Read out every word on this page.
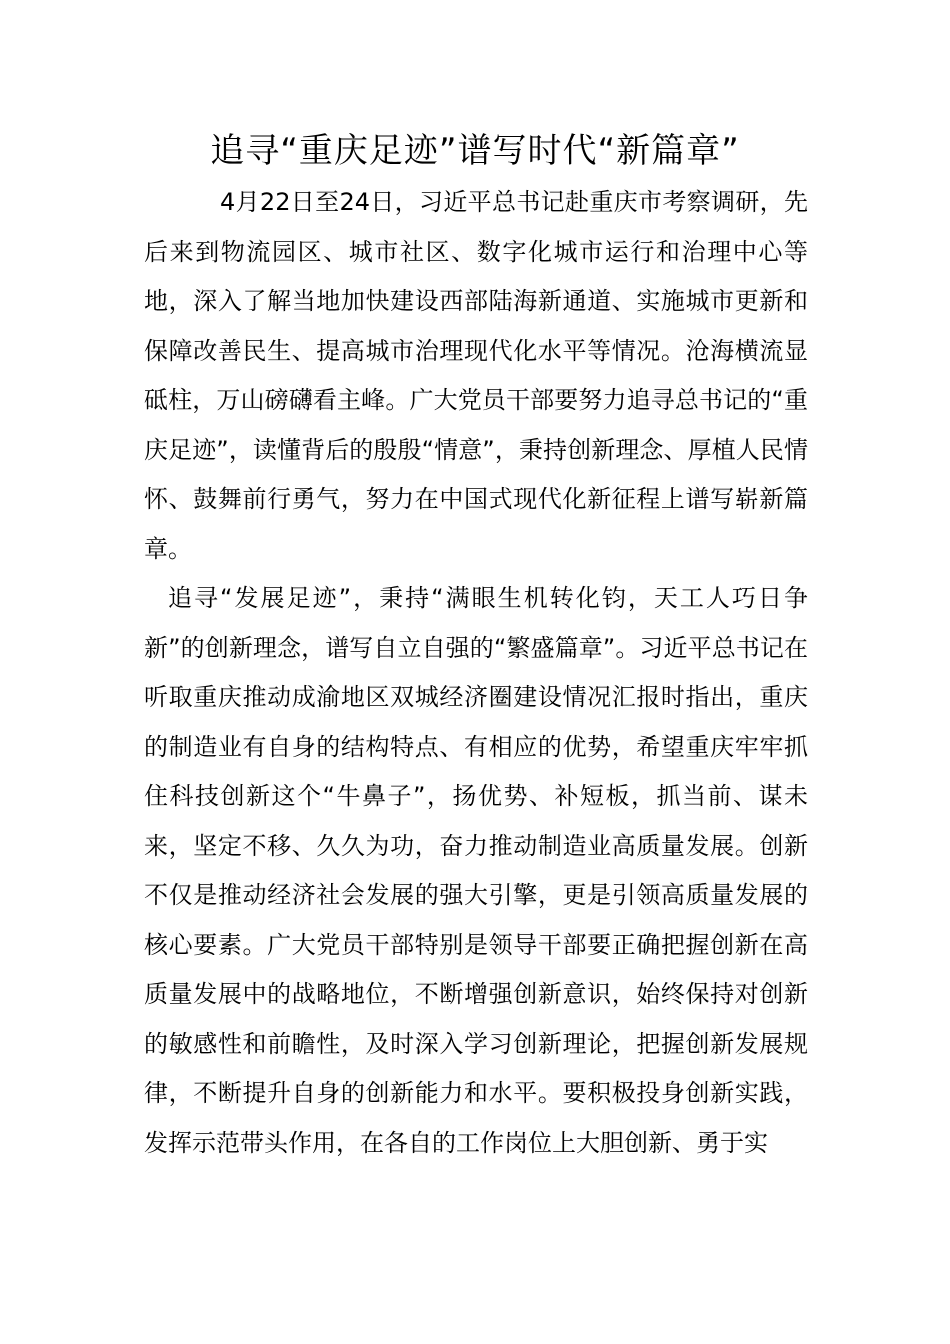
追寻“重庆足迹”谱写时代“新篇章”

4月22日至24日，习近平总书记赴重庆市考察调研，先后来到物流园区、城市社区、数字化城市运行和治理中心等地，深入了解当地加快建设西部陆海新通道、实施城市更新和保障改善民生、提高城市治理现代化水平等情况。沧海横流显砥柱，万山磅礴看主峰。广大党员干部要努力追寻总书记的“重庆足迹”，读懂背后的殷殷“情意”，秉持创新理念、厚植人民情怀、鼓舞前行勇气，努力在中国式现代化新征程上谱写崭新篇章。

追寻“发展足迹”，秉持“满眼生机转化钧，天工人巧日争新”的创新理念，谱写自立自强的“繁盛篇章”。习近平总书记在听取重庆推动成渝地区双城经济圈建设情况汇报时指出，重庆的制造业有自身的结构特点、有相应的优势，希望重庆牢牢抓住科技创新这个“牛鼻子”，扬优势、补短板，抓当前、谋未来，坚定不移、久久为功，奋力推动制造业高质量发展。创新不仅是推动经济社会发展的强大引擎，更是引领高质量发展的核心要素。广大党员干部特别是领导干部要正确把握创新在高质量发展中的战略地位，不断增强创新意识，始终保持对创新的敏感性和前瞻性，及时深入学习创新理论，把握创新发展规律，不断提升自身的创新能力和水平。要积极投身创新实践，发挥示范带头作用，在各自的工作岗位上大胆创新、勇于实
